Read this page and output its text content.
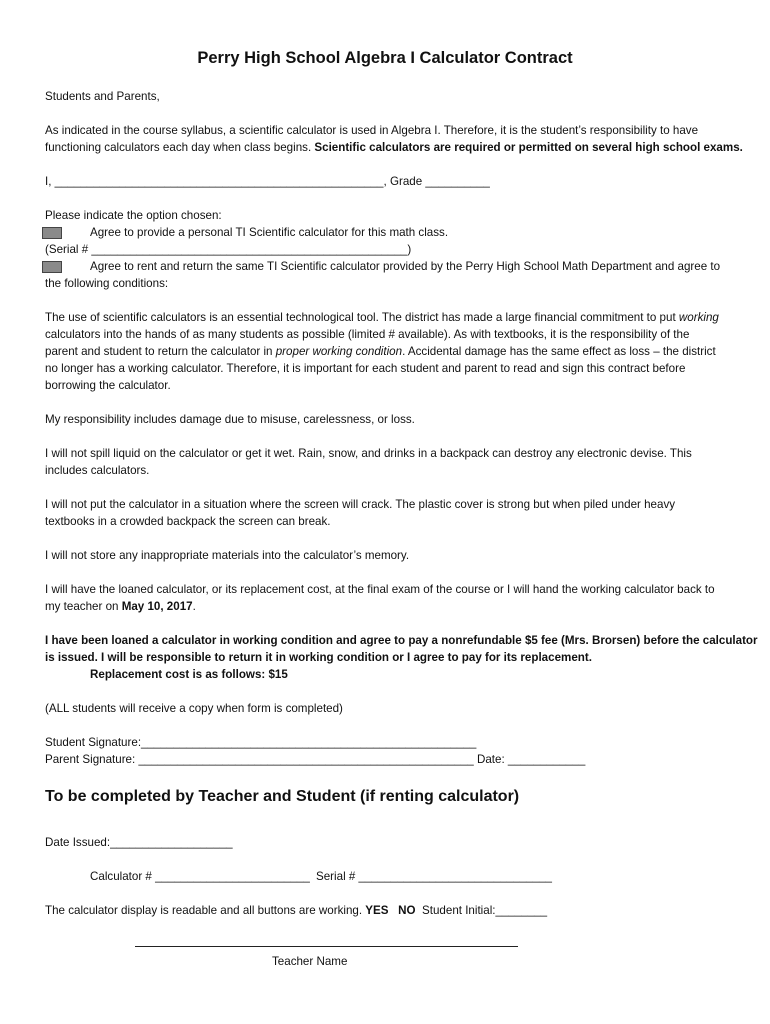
Perry High School Algebra I Calculator Contract
Students and Parents,
As indicated in the course syllabus, a scientific calculator is used in Algebra I. Therefore, it is the student’s responsibility to have
functioning calculators each day when class begins. Scientific calculators are required or permitted on several high school exams.
I, ___________________________________________________, Grade __________
Please indicate the option chosen:
Agree to provide a personal TI Scientific calculator for this math class.
(Serial # _________________________________________________)
Agree to rent and return the same TI Scientific calculator provided by the Perry High School Math Department and agree to
the following conditions:
The use of scientific calculators is an essential technological tool. The district has made a large financial commitment to put working
calculators into the hands of as many students as possible (limited # available). As with textbooks, it is the responsibility of the
parent and student to return the calculator in proper working condition. Accidental damage has the same effect as loss – the district
no longer has a working calculator. Therefore, it is important for each student and parent to read and sign this contract before
borrowing the calculator.
My responsibility includes damage due to misuse, carelessness, or loss.
I will not spill liquid on the calculator or get it wet. Rain, snow, and drinks in a backpack can destroy any electronic devise. This
includes calculators.
I will not put the calculator in a situation where the screen will crack. The plastic cover is strong but when piled under heavy
textbooks in a crowded backpack the screen can break.
I will not store any inappropriate materials into the calculator’s memory.
I will have the loaned calculator, or its replacement cost, at the final exam of the course or I will hand the working calculator back to
my teacher on May 10, 2017.
I have been loaned a calculator in working condition and agree to pay a nonrefundable $5 fee (Mrs. Brorsen) before the calculator
is issued. I will be responsible to return it in working condition or I agree to pay for its replacement.
Replacement cost is as follows: $15
(ALL students will receive a copy when form is completed)
Student Signature:____________________________________________________
Parent Signature: ____________________________________________________ Date: ____________
To be completed by Teacher and Student (if renting calculator)
Date Issued:___________________
Calculator # ________________________ Serial # ______________________________
The calculator display is readable and all buttons are working. YES NO Student Initial:________
Teacher Name
